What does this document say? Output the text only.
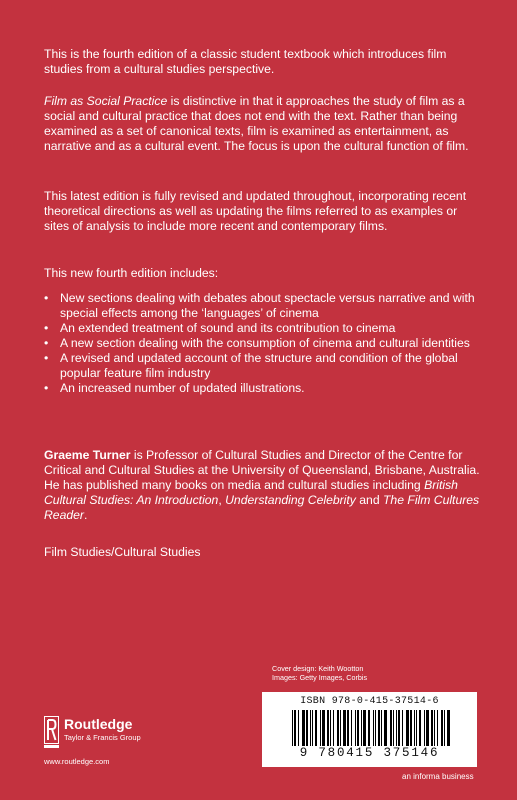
This is the fourth edition of a classic student textbook which introduces film studies from a cultural studies perspective.

Film as Social Practice is distinctive in that it approaches the study of film as a social and cultural practice that does not end with the text. Rather than being examined as a set of canonical texts, film is examined as entertainment, as narrative and as a cultural event. The focus is upon the cultural function of film.

This latest edition is fully revised and updated throughout, incorporating recent theoretical directions as well as updating the films referred to as examples or sites of analysis to include more recent and contemporary films.

This new fourth edition includes:

• New sections dealing with debates about spectacle versus narrative and with special effects among the ‘languages’ of cinema
• An extended treatment of sound and its contribution to cinema
• A new section dealing with the consumption of cinema and cultural identities
• A revised and updated account of the structure and condition of the global popular feature film industry
• An increased number of updated illustrations.

Graeme Turner is Professor of Cultural Studies and Director of the Centre for Critical and Cultural Studies at the University of Queensland, Brisbane, Australia. He has published many books on media and cultural studies including British Cultural Studies: An Introduction, Understanding Celebrity and The Film Cultures Reader.

Film Studies/Cultural Studies

Cover design: Keith Wootton
Images: Getty Images, Corbis
ISBN 978-0-415-37514-6
9 780415 375146
Routledge
Taylor & Francis Group
www.routledge.com
an informa business
